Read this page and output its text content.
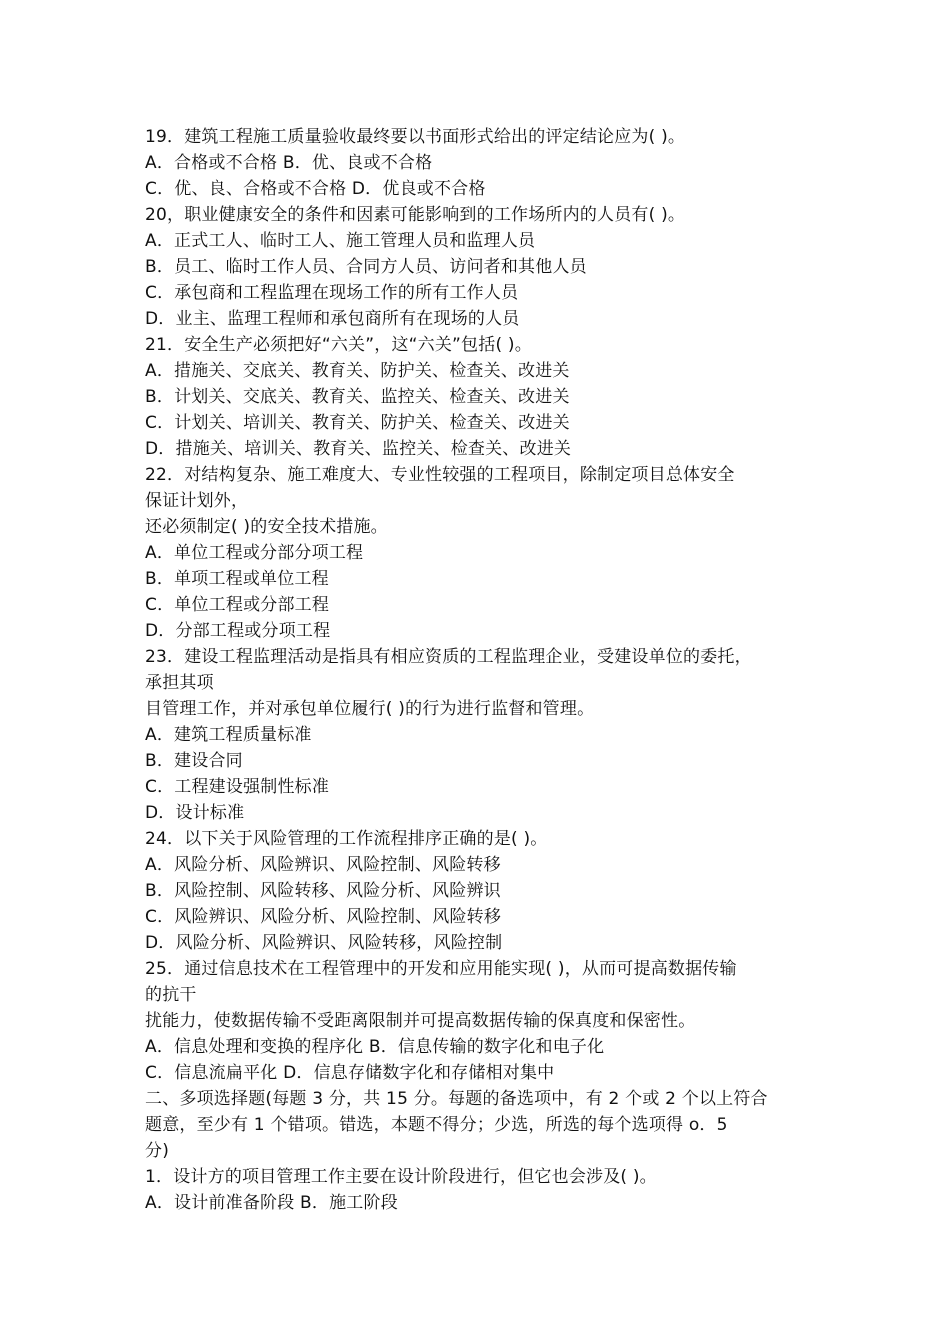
19．建筑工程施工质量验收最终要以书面形式给出的评定结论应为( )。
A．合格或不合格 B．优、良或不合格
C．优、良、合格或不合格 D．优良或不合格
20，职业健康安全的条件和因素可能影响到的工作场所内的人员有( )。
A．正式工人、临时工人、施工管理人员和监理人员
B．员工、临时工作人员、合同方人员、访问者和其他人员
C．承包商和工程监理在现场工作的所有工作人员
D．业主、监理工程师和承包商所有在现场的人员
21．安全生产必须把好“六关”，这“六关”包括( )。
A．措施关、交底关、教育关、防护关、检查关、改进关
B．计划关、交底关、教育关、监控关、检查关、改进关
C．计划关、培训关、教育关、防护关、检查关、改进关
D．措施关、培训关、教育关、监控关、检查关、改进关
22．对结构复杂、施工难度大、专业性较强的工程项目，除制定项目总体安全
保证计划外，
还必须制定( )的安全技术措施。
A．单位工程或分部分项工程
B．单项工程或单位工程
C．单位工程或分部工程
D．分部工程或分项工程
23．建设工程监理活动是指具有相应资质的工程监理企业，受建设单位的委托，
承担其项
目管理工作，并对承包单位履行( )的行为进行监督和管理。
A．建筑工程质量标准
B．建设合同
C．工程建设强制性标准
D．设计标准
24．以下关于风险管理的工作流程排序正确的是( )。
A．风险分析、风险辨识、风险控制、风险转移
B．风险控制、风险转移、风险分析、风险辨识
C．风险辨识、风险分析、风险控制、风险转移
D．风险分析、风险辨识、风险转移，风险控制
25．通过信息技术在工程管理中的开发和应用能实现( )，从而可提高数据传输
的抗干
扰能力，使数据传输不受距离限制并可提高数据传输的保真度和保密性。
A．信息处理和变换的程序化 B．信息传输的数字化和电子化
C．信息流扁平化 D．信息存储数字化和存储相对集中
二、多项选择题(每题 3 分，共 15 分。每题的备选项中，有 2 个或 2 个以上符合
题意，至少有 1 个错项。错选，本题不得分；少选，所选的每个选项得 o．5
分)
1．设计方的项目管理工作主要在设计阶段进行，但它也会涉及( )。
A．设计前准备阶段 B．施工阶段
